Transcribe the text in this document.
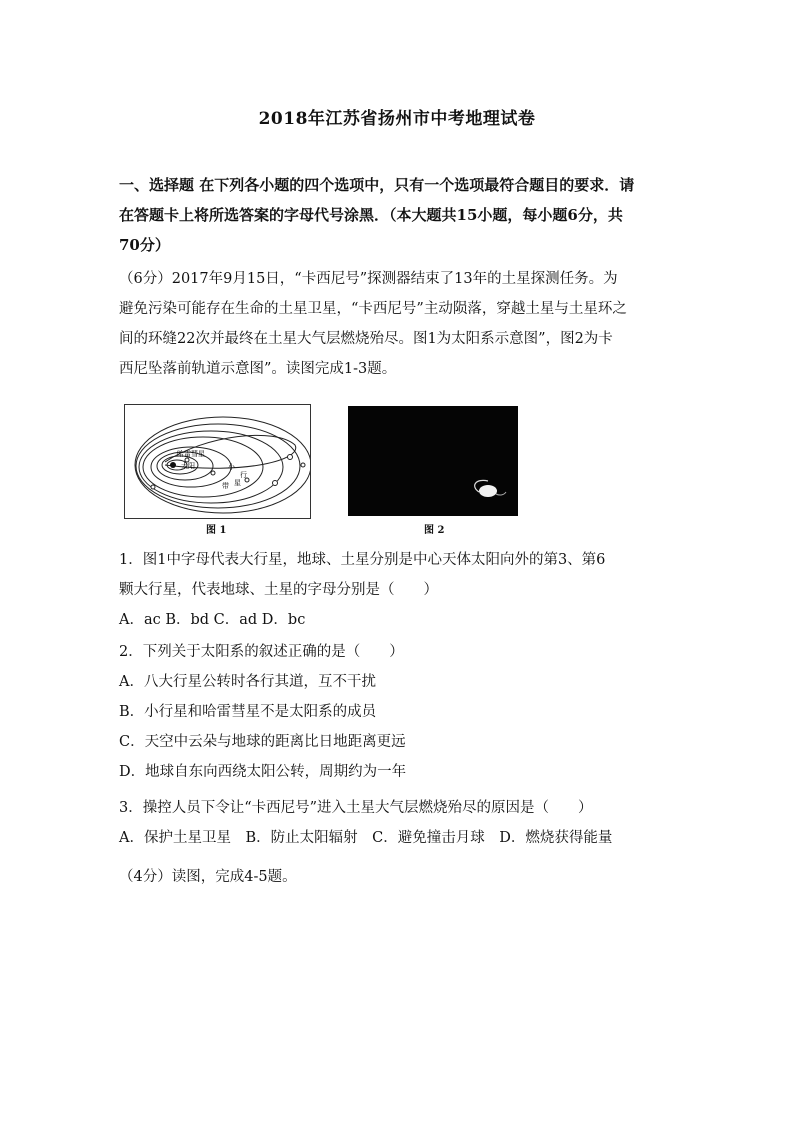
2018年江苏省扬州市中考地理试卷
一、选择题 在下列各小题的四个选项中，只有一个选项最符合题目的要求．请
在答题卡上将所选答案的字母代号涂黑．（本大题共15小题，每小题6分，共
70分）
（6分）2017年9月15日，“卡西尼号”探测器结束了13年的土星探测任务。为
避免污染可能存在生命的土星卫星，“卡西尼号”主动陨落，穿越土星与土星环之
间的环缝22次并最终在土星大气层燃烧殆尽。图1为太阳系示意图”，图2为卡
西尼坠落前轨道示意图”。读图完成1-3题。
哈雷彗星
太阳	小
行
星
带
图 1	图 2
1．图1中字母代表大行星，地球、土星分别是中心天体太阳向外的第3、第6
颗大行星，代表地球、土星的字母分别是（　　）
A．ac B．bd C．ad D．bc
2．下列关于太阳系的叙述正确的是（　　）
A．八大行星公转时各行其道，互不干扰
B．小行星和哈雷彗星不是太阳系的成员
C．天空中云朵与地球的距离比日地距离更远
D．地球自东向西绕太阳公转，周期约为一年
3．操控人员下令让“卡西尼号”进入土星大气层燃烧殆尽的原因是（　　）
A．保护土星卫星　B．防止太阳辐射　C．避免撞击月球　D．燃烧获得能量
（4分）读图，完成4-5题。
